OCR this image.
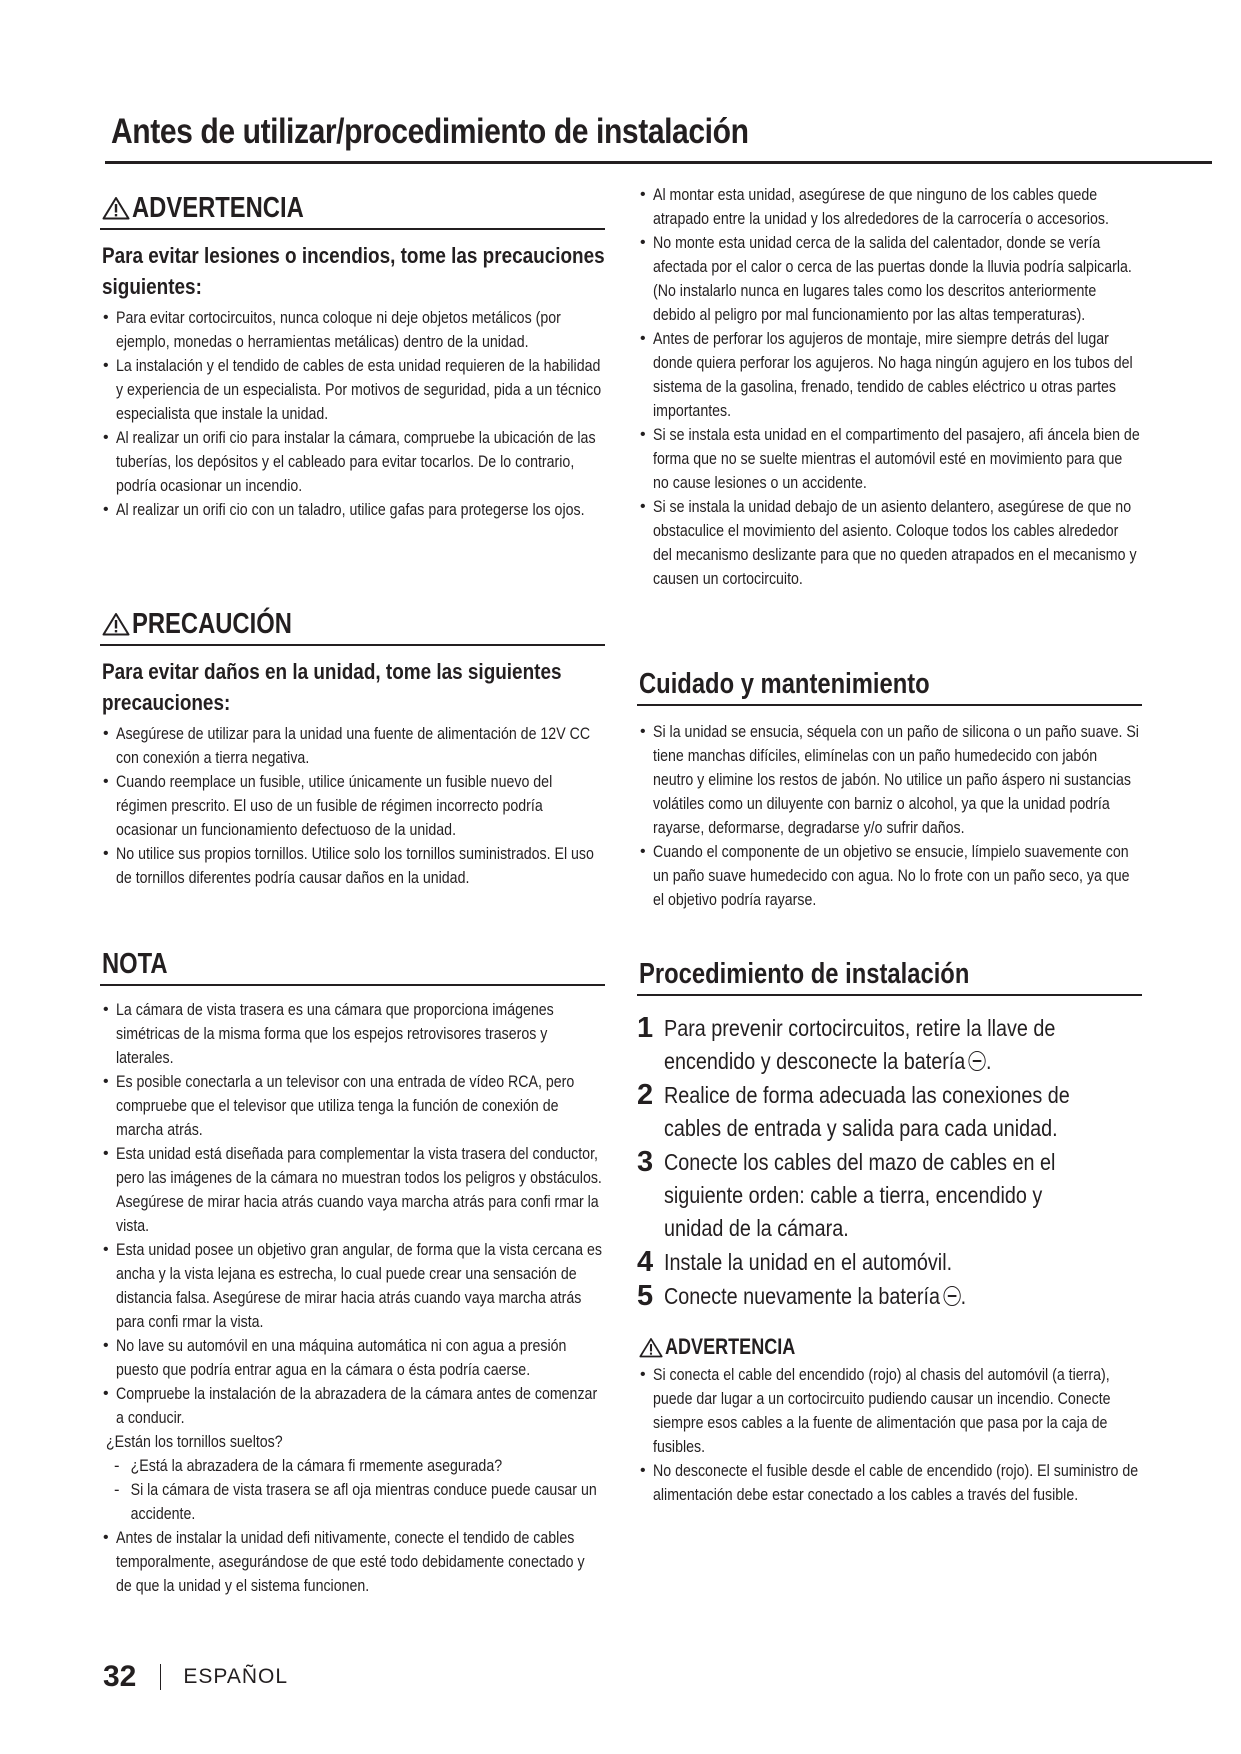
Antes de utilizar/procedimiento de instalación
ADVERTENCIA
Para evitar lesiones o incendios, tome las precauciones siguientes:
• Para evitar cortocircuitos, nunca coloque ni deje objetos metálicos (por ejemplo, monedas o herramientas metálicas) dentro de la unidad.
• La instalación y el tendido de cables de esta unidad requieren de la habilidad y experiencia de un especialista. Por motivos de seguridad, pida a un técnico especialista que instale la unidad.
• Al realizar un orifi cio para instalar la cámara, compruebe la ubicación de las tuberías, los depósitos y el cableado para evitar tocarlos. De lo contrario, podría ocasionar un incendio.
• Al realizar un orifi cio con un taladro, utilice gafas para protegerse los ojos.
PRECAUCIÓN
Para evitar daños en la unidad, tome las siguientes precauciones:
• Asegúrese de utilizar para la unidad una fuente de alimentación de 12V CC con conexión a tierra negativa.
• Cuando reemplace un fusible, utilice únicamente un fusible nuevo del régimen prescrito. El uso de un fusible de régimen incorrecto podría ocasionar un funcionamiento defectuoso de la unidad.
• No utilice sus propios tornillos. Utilice solo los tornillos suministrados. El uso de tornillos diferentes podría causar daños en la unidad.
NOTA
• La cámara de vista trasera es una cámara que proporciona imágenes simétricas de la misma forma que los espejos retrovisores traseros y laterales.
• Es posible conectarla a un televisor con una entrada de vídeo RCA, pero compruebe que el televisor que utiliza tenga la función de conexión de marcha atrás.
• Esta unidad está diseñada para complementar la vista trasera del conductor, pero las imágenes de la cámara no muestran todos los peligros y obstáculos. Asegúrese de mirar hacia atrás cuando vaya marcha atrás para confi rmar la vista.
• Esta unidad posee un objetivo gran angular, de forma que la vista cercana es ancha y la vista lejana es estrecha, lo cual puede crear una sensación de distancia falsa. Asegúrese de mirar hacia atrás cuando vaya marcha atrás para confi rmar la vista.
• No lave su automóvil en una máquina automática ni con agua a presión puesto que podría entrar agua en la cámara o ésta podría caerse.
• Compruebe la instalación de la abrazadera de la cámara antes de comenzar a conducir.
¿Están los tornillos sueltos?
- ¿Está la abrazadera de la cámara fi rmemente asegurada?
- Si la cámara de vista trasera se afl oja mientras conduce puede causar un accidente.
• Antes de instalar la unidad defi nitivamente, conecte el tendido de cables temporalmente, asegurándose de que esté todo debidamente conectado y de que la unidad y el sistema funcionen.
• Al montar esta unidad, asegúrese de que ninguno de los cables quede atrapado entre la unidad y los alrededores de la carrocería o accesorios.
• No monte esta unidad cerca de la salida del calentador, donde se vería afectada por el calor o cerca de las puertas donde la lluvia podría salpicarla. (No instalarlo nunca en lugares tales como los descritos anteriormente debido al peligro por mal funcionamiento por las altas temperaturas).
• Antes de perforar los agujeros de montaje, mire siempre detrás del lugar donde quiera perforar los agujeros. No haga ningún agujero en los tubos del sistema de la gasolina, frenado, tendido de cables eléctrico u otras partes importantes.
• Si se instala esta unidad en el compartimento del pasajero, afi áncela bien de forma que no se suelte mientras el automóvil esté en movimiento para que no cause lesiones o un accidente.
• Si se instala la unidad debajo de un asiento delantero, asegúrese de que no obstaculice el movimiento del asiento. Coloque todos los cables alrededor del mecanismo deslizante para que no queden atrapados en el mecanismo y causen un cortocircuito.
Cuidado y mantenimiento
• Si la unidad se ensucia, séquela con un paño de silicona o un paño suave. Si tiene manchas difíciles, elimínelas con un paño humedecido con jabón neutro y elimine los restos de jabón. No utilice un paño áspero ni sustancias volátiles como un diluyente con barniz o alcohol, ya que la unidad podría rayarse, deformarse, degradarse y/o sufrir daños.
• Cuando el componente de un objetivo se ensucie, límpielo suavemente con un paño suave humedecido con agua. No lo frote con un paño seco, ya que el objetivo podría rayarse.
Procedimiento de instalación
1 Para prevenir cortocircuitos, retire la llave de encendido y desconecte la batería .
2 Realice de forma adecuada las conexiones de cables de entrada y salida para cada unidad.
3 Conecte los cables del mazo de cables en el siguiente orden: cable a tierra, encendido y unidad de la cámara.
4 Instale la unidad en el automóvil.
5 Conecte nuevamente la batería .
ADVERTENCIA
• Si conecta el cable del encendido (rojo) al chasis del automóvil (a tierra), puede dar lugar a un cortocircuito pudiendo causar un incendio. Conecte siempre esos cables a la fuente de alimentación que pasa por la caja de fusibles.
• No desconecte el fusible desde el cable de encendido (rojo). El suministro de alimentación debe estar conectado a los cables a través del fusible.
32 ESPAÑOL
